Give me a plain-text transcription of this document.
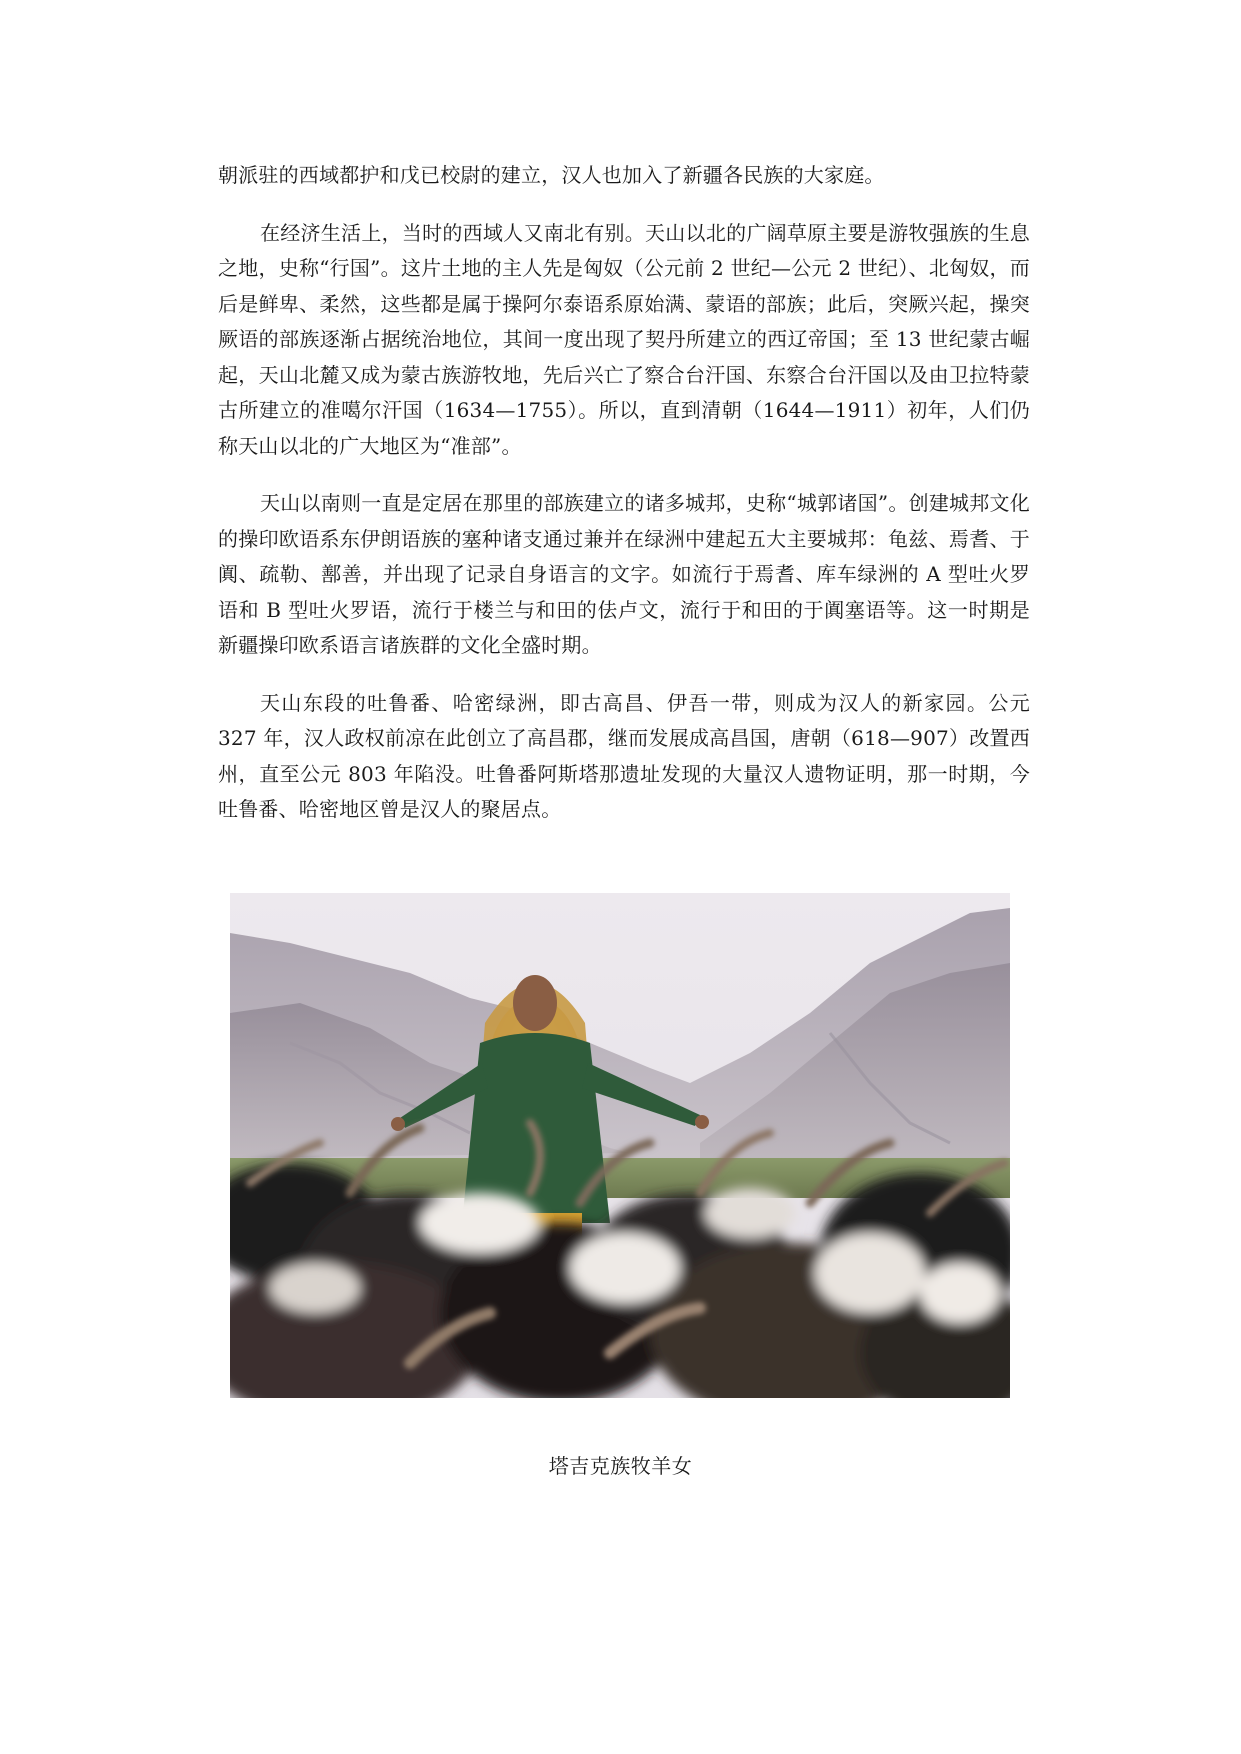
朝派驻的西域都护和戊已校尉的建立，汉人也加入了新疆各民族的大家庭。

在经济生活上，当时的西域人又南北有别。天山以北的广阔草原主要是游牧强族的生息之地，史称“行国”。这片土地的主人先是匈奴（公元前 2 世纪—公元 2 世纪）、北匈奴，而后是鲜卑、柔然，这些都是属于操阿尔泰语系原始满、蒙语的部族；此后，突厥兴起，操突厥语的部族逐渐占据统治地位，其间一度出现了契丹所建立的西辽帝国；至 13 世纪蒙古崛起，天山北麓又成为蒙古族游牧地，先后兴亡了察合台汗国、东察合台汗国以及由卫拉特蒙古所建立的准噶尔汗国（1634—1755）。所以，直到清朝（1644—1911）初年，人们仍称天山以北的广大地区为“准部”。

天山以南则一直是定居在那里的部族建立的诸多城邦，史称“城郭诸国”。创建城邦文化的操印欧语系东伊朗语族的塞种诸支通过兼并在绿洲中建起五大主要城邦：龟兹、焉耆、于阗、疏勒、鄯善，并出现了记录自身语言的文字。如流行于焉耆、库车绿洲的 A 型吐火罗语和 B 型吐火罗语，流行于楼兰与和田的佉卢文，流行于和田的于阗塞语等。这一时期是新疆操印欧系语言诸族群的文化全盛时期。

天山东段的吐鲁番、哈密绿洲，即古高昌、伊吾一带，则成为汉人的新家园。公元 327 年，汉人政权前凉在此创立了高昌郡，继而发展成高昌国，唐朝（618—907）改置西州，直至公元 803 年陷没。吐鲁番阿斯塔那遗址发现的大量汉人遗物证明，那一时期，今吐鲁番、哈密地区曾是汉人的聚居点。

塔吉克族牧羊女
